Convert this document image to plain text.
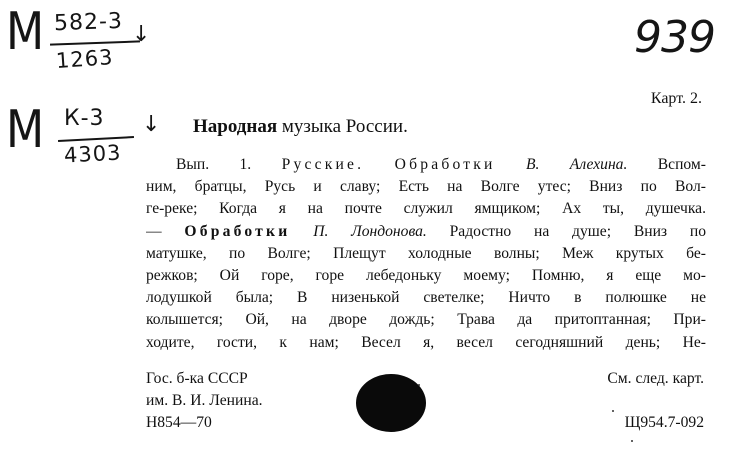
М 582-3
1263
↓
М К-3
4303
↓
939
Карт. 2.
Народная музыка России.
Вып. 1. Русские. Обработки В. Алехина. Вспом-
ним, братцы, Русь и славу; Есть на Волге утес; Вниз по Вол-
ге-реке; Когда я на почте служил ямщиком; Ах ты, душечка.
— Обработки П. Лондонова. Радостно на душе; Вниз по
матушке, по Волге; Плещут холодные волны; Меж крутых бе-
режков; Ой горе, горе лебедоньку моему; Помню, я еще мо-
лодушкой была; В низенькой светелке; Ничто в полюшке не
колышется; Ой, на дворе дождь; Трава да притоптанная; При-
ходите, гости, к нам; Весел я, весел сегодняшний день; Не-
Гос. б-ка СССР
им. В. И. Ленина.
Н854—70
См. след. карт.
Щ954.7-092
